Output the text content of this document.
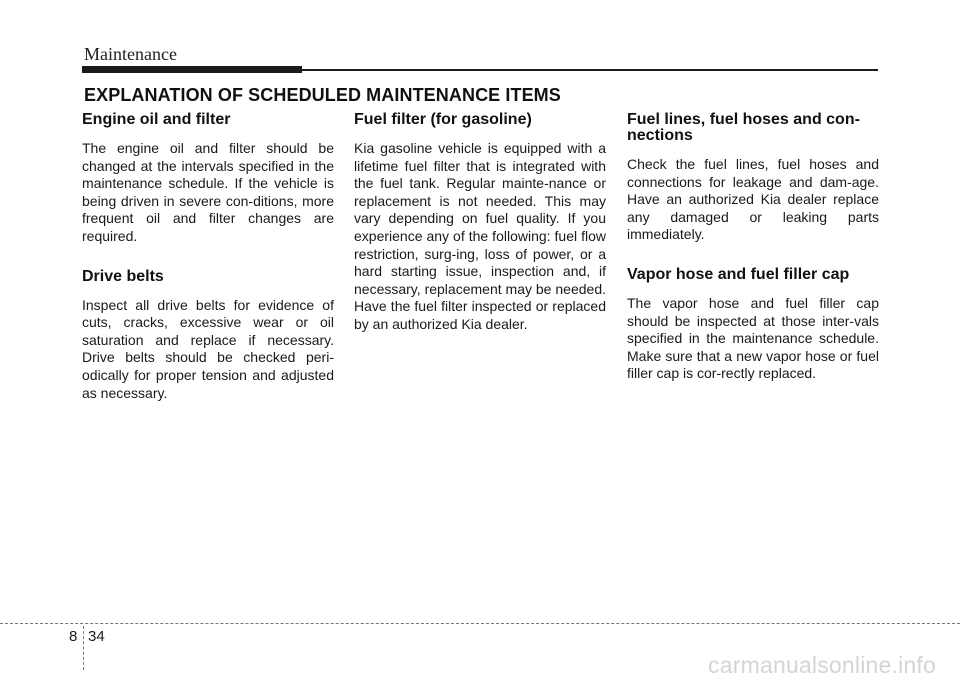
Maintenance
EXPLANATION OF SCHEDULED MAINTENANCE ITEMS
Engine oil and filter

The engine oil and filter should be changed at the intervals specified in the maintenance schedule. If the vehicle is being driven in severe con-ditions, more frequent oil and filter changes are required.

Drive belts

Inspect all drive belts for evidence of cuts, cracks, excessive wear or oil saturation and replace if necessary. Drive belts should be checked peri-odically for proper tension and adjusted as necessary.

Fuel filter (for gasoline)

Kia gasoline vehicle is equipped with a lifetime fuel filter that is integrated with the fuel tank. Regular mainte-nance or replacement is not needed. This may vary depending on fuel quality. If you experience any of the following: fuel flow restriction, surg-ing, loss of power, or a hard starting issue, inspection and, if necessary, replacement may be needed. Have the fuel filter inspected or replaced by an authorized Kia dealer.

Fuel lines, fuel hoses and con-
nections

Check the fuel lines, fuel hoses and connections for leakage and dam-age. Have an authorized Kia dealer replace any damaged or leaking parts immediately.

Vapor hose and fuel filler cap

The vapor hose and fuel filler cap should be inspected at those inter-vals specified in the maintenance schedule. Make sure that a new vapor hose or fuel filler cap is cor-rectly replaced.

8 34
carmanualsonline.info
